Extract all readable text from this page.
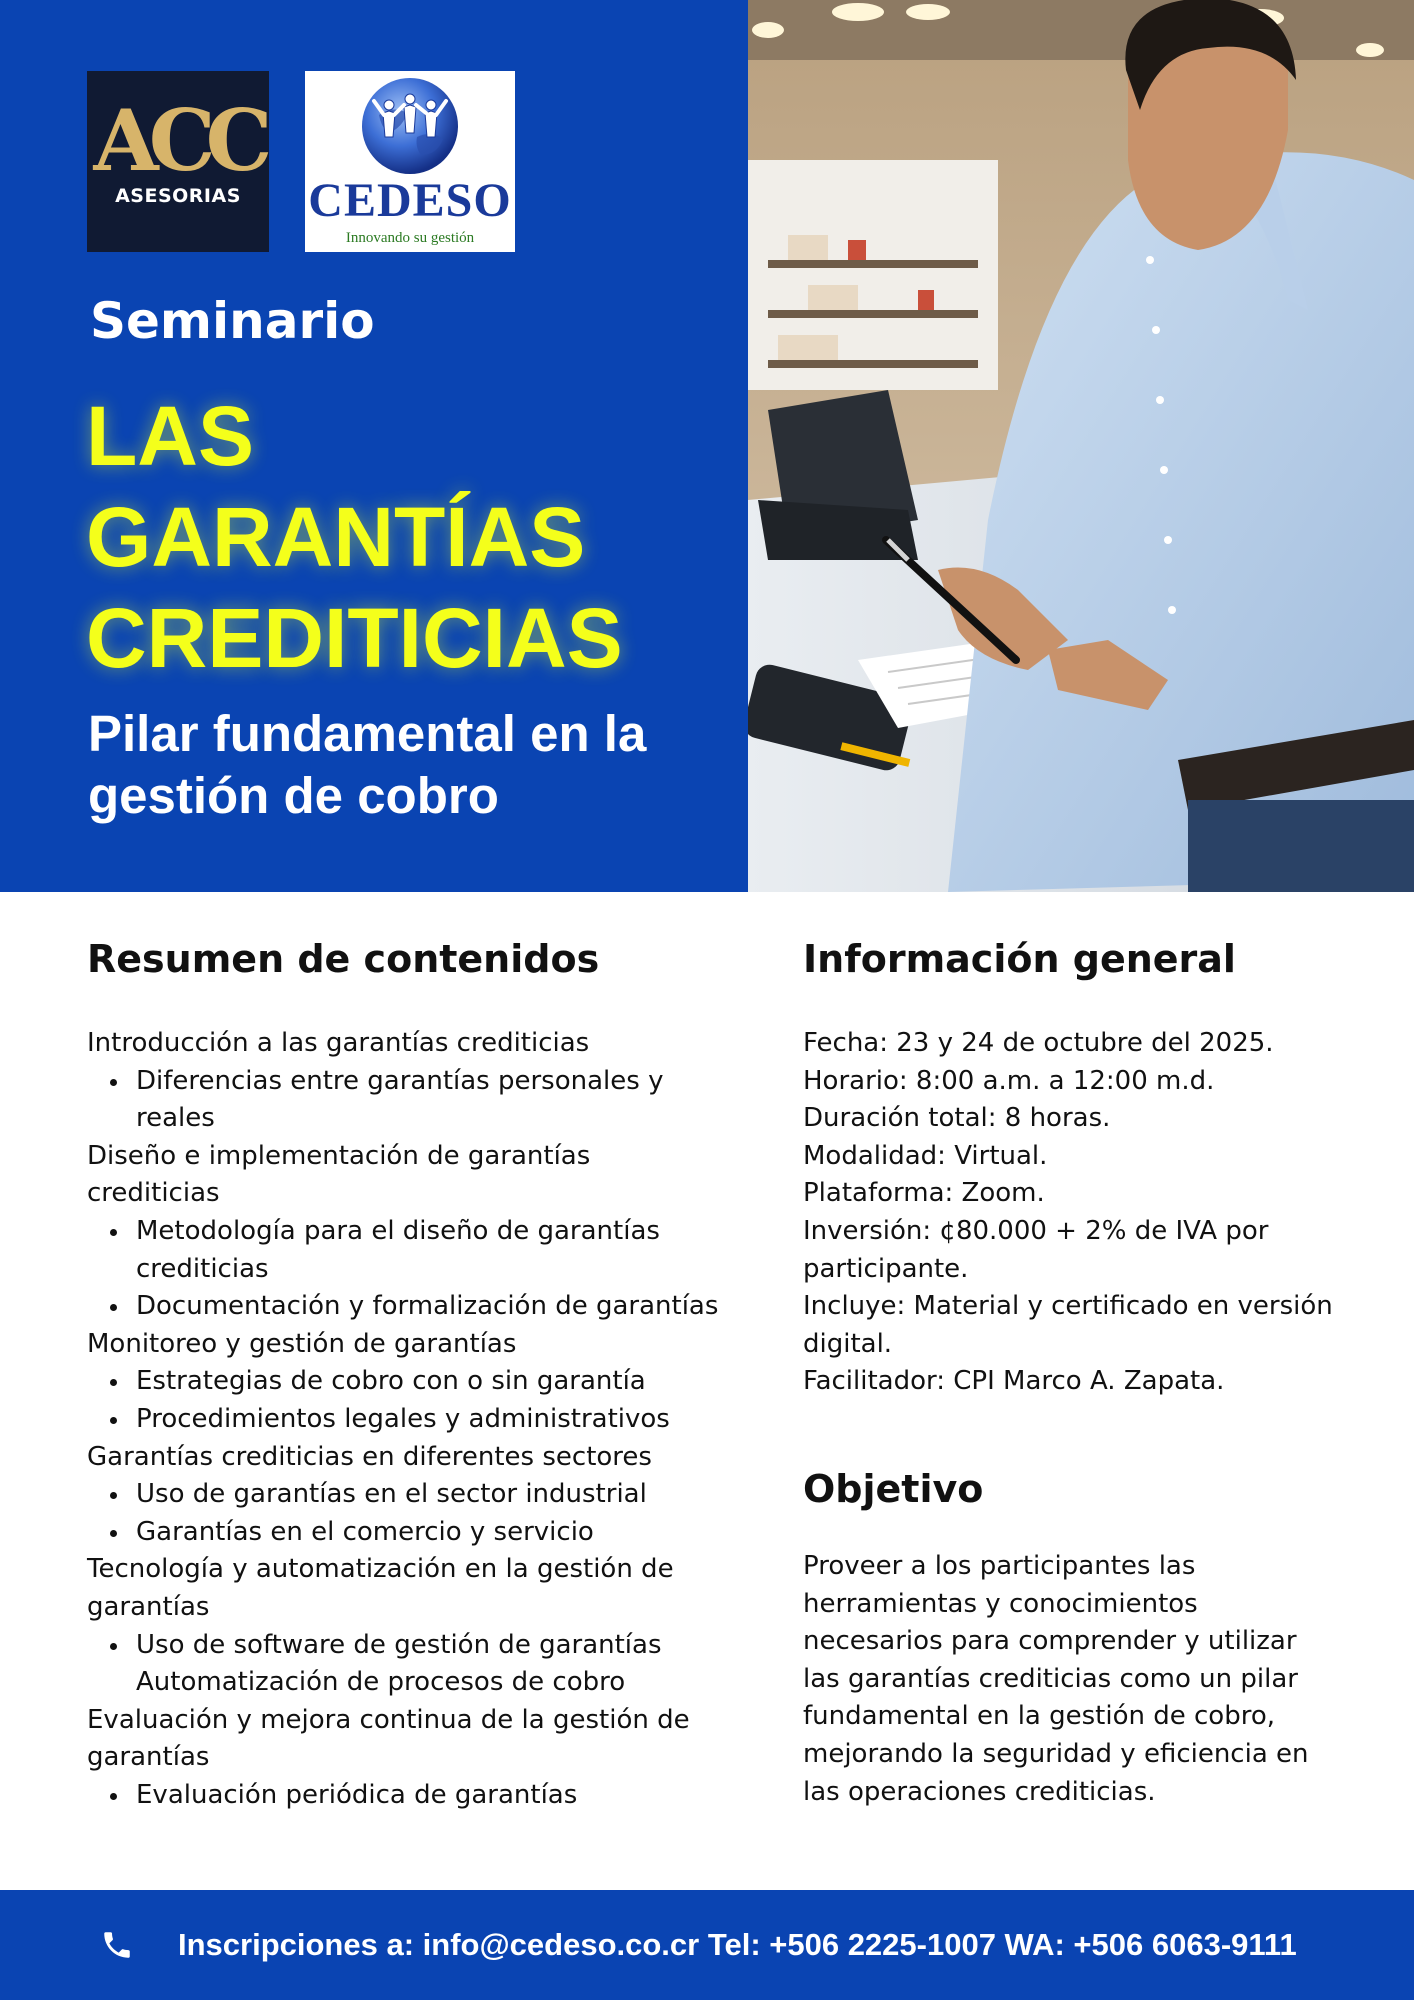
ACC
ASESORIAS	CEDESO
Innovando su gestión
Seminario
LAS GARANTÍAS CREDITICIAS

Pilar fundamental en la gestión de cobro

Resumen de contenidos
Introducción a las garantías crediticias
Diferencias entre garantías personales y reales
Diseño e implementación de garantías crediticias
Metodología para el diseño de garantías crediticias
Documentación y formalización de garantías
Monitoreo y gestión de garantías
Estrategias de cobro con o sin garantía
Procedimientos legales y administrativos
Garantías crediticias en diferentes sectores
Uso de garantías en el sector industrial
Garantías en el comercio y servicio
Tecnología y automatización en la gestión de garantías
Uso de software de gestión de garantías
Automatización de procesos de cobro
Evaluación y mejora continua de la gestión de garantías
Evaluación periódica de garantías
Información general

Fecha: 23 y 24 de octubre del 2025.

Horario: 8:00 a.m. a 12:00 m.d.

Duración total: 8 horas.

Modalidad: Virtual.

Plataforma: Zoom.

Inversión: ¢80.000 + 2% de IVA por participante.

Incluye: Material y certificado en versión digital.

Facilitador: CPI Marco A. Zapata.

Objetivo

Proveer a los participantes las herramientas y conocimientos necesarios para comprender y utilizar las garantías crediticias como un pilar fundamental en la gestión de cobro, mejorando la seguridad y eficiencia en las operaciones crediticias.

Inscripciones a: info@cedeso.co.cr Tel: +506 2225-1007 WA: +506 6063-9111
